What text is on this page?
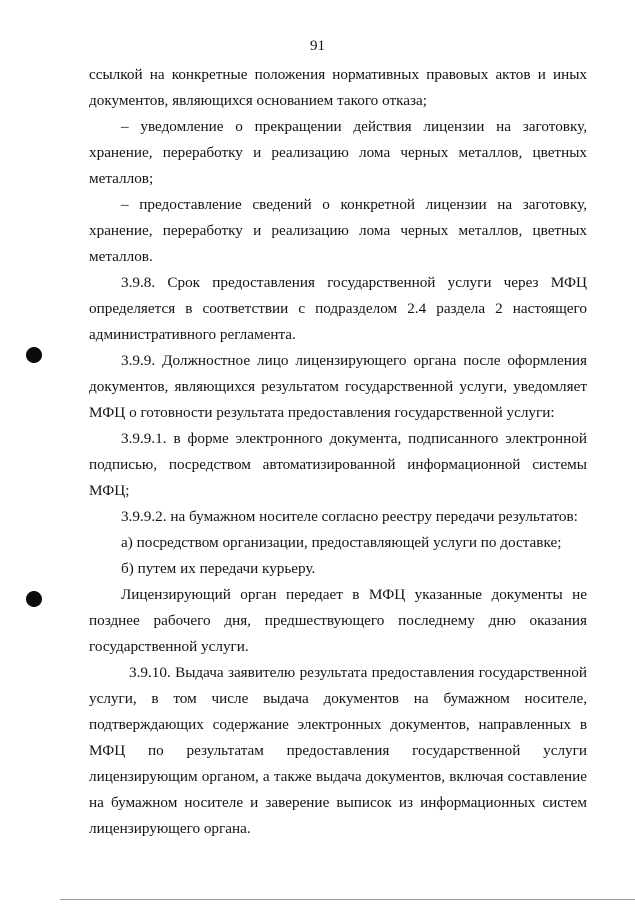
91

ссылкой на конкретные положения нормативных правовых актов и иных документов, являющихся основанием такого отказа;

– уведомление о прекращении действия лицензии на заготовку, хранение, переработку и реализацию лома черных металлов, цветных металлов;

– предоставление сведений о конкретной лицензии на заготовку, хранение, переработку и реализацию лома черных металлов, цветных металлов.

3.9.8. Срок предоставления государственной услуги через МФЦ определяется в соответствии с подразделом 2.4 раздела 2 настоящего административного регламента.

3.9.9. Должностное лицо лицензирующего органа после оформления документов, являющихся результатом государственной услуги, уведомляет МФЦ о готовности результата предоставления государственной услуги:

3.9.9.1. в форме электронного документа, подписанного электронной подписью, посредством автоматизированной информационной системы МФЦ;

3.9.9.2. на бумажном носителе согласно реестру передачи результатов:

а) посредством организации, предоставляющей услуги по доставке;

б) путем их передачи курьеру.

Лицензирующий орган передает в МФЦ указанные документы не позднее рабочего дня, предшествующего последнему дню оказания государственной услуги.

3.9.10. Выдача заявителю результата предоставления государственной услуги, в том числе выдача документов на бумажном носителе, подтверждающих содержание электронных документов, направленных в МФЦ по результатам предоставления государственной услуги лицензирующим органом, а также выдача документов, включая составление на бумажном носителе и заверение выписок из информационных систем лицензирующего органа.
